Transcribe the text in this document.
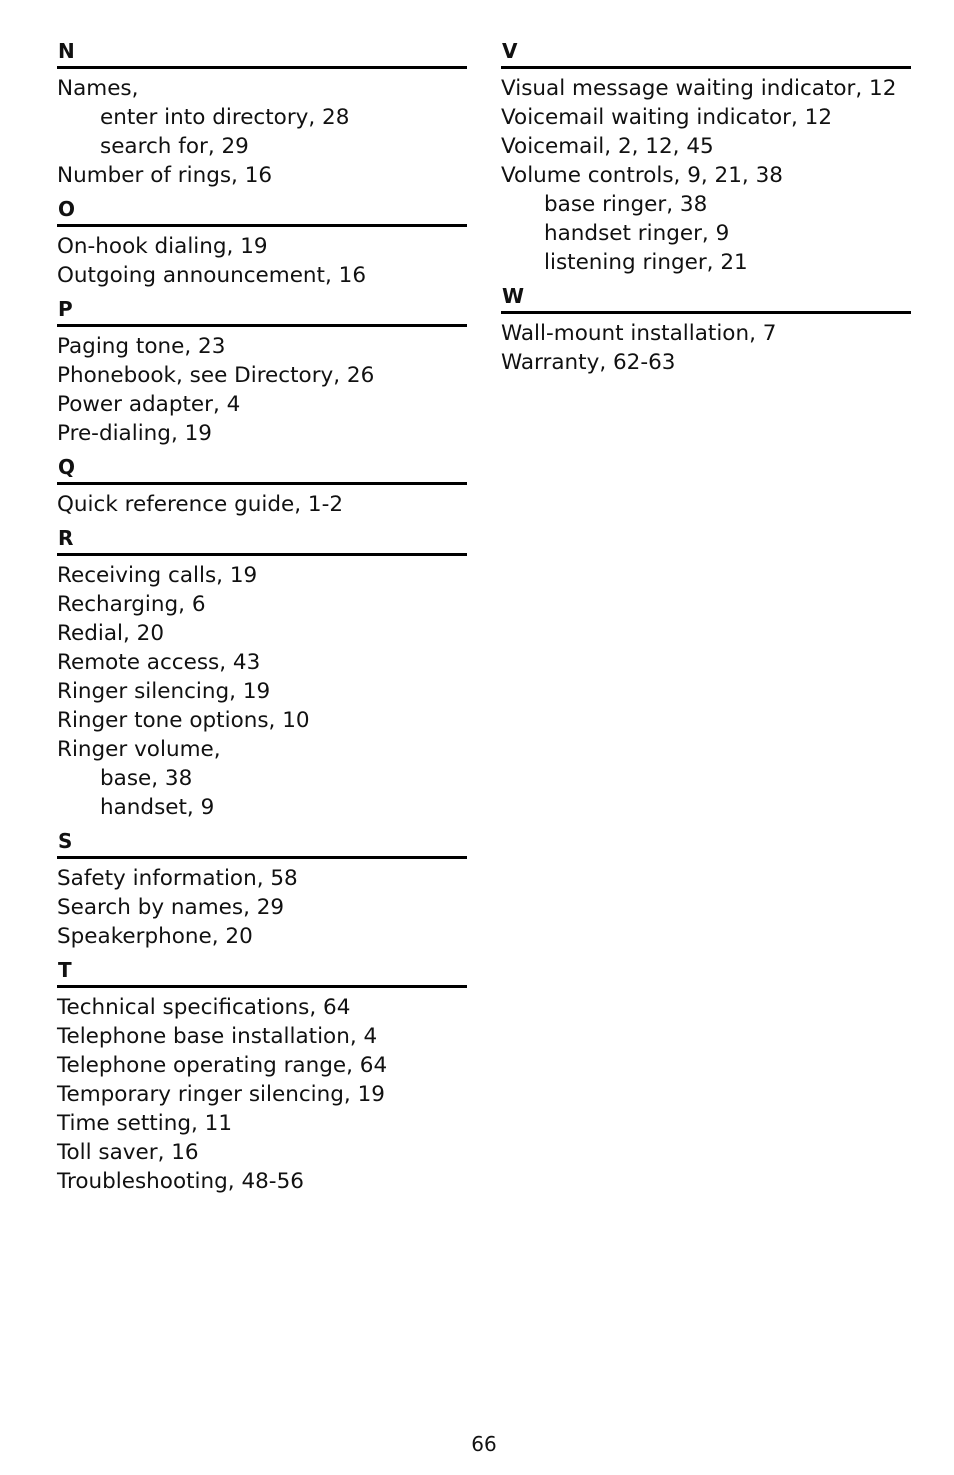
N
Names,
enter into directory, 28
search for, 29
Number of rings, 16
O
On-hook dialing, 19
Outgoing announcement, 16
P
Paging tone, 23
Phonebook, see Directory, 26
Power adapter, 4
Pre-dialing, 19
Q
Quick reference guide, 1-2
R
Receiving calls, 19
Recharging, 6
Redial, 20
Remote access, 43
Ringer silencing, 19
Ringer tone options, 10
Ringer volume,
base, 38
handset, 9
S
Safety information, 58
Search by names, 29
Speakerphone, 20
T
Technical specifications, 64
Telephone base installation, 4
Telephone operating range, 64
Temporary ringer silencing, 19
Time setting, 11
Toll saver, 16
Troubleshooting, 48-56
V
Visual message waiting indicator, 12
Voicemail waiting indicator, 12
Voicemail, 2, 12, 45
Volume controls, 9, 21, 38
base ringer, 38
handset ringer, 9
listening ringer, 21
W
Wall-mount installation, 7
Warranty, 62-63
66
